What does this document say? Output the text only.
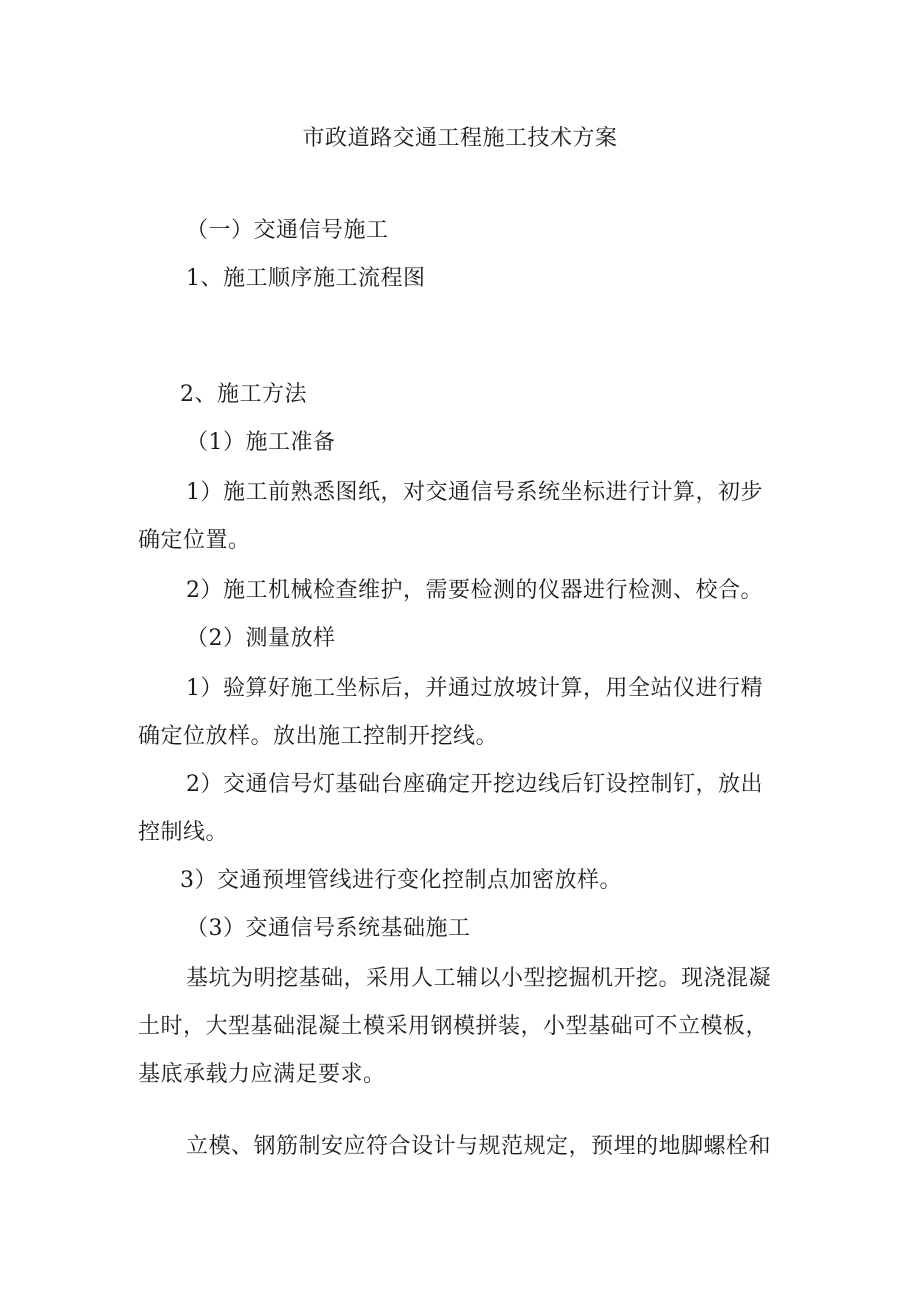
市政道路交通工程施工技术方案
（一）交通信号施工
1、施工顺序施工流程图
2、施工方法
（1）施工准备
1）施工前熟悉图纸，对交通信号系统坐标进行计算，初步
确定位置。
2）施工机械检查维护，需要检测的仪器进行检测、校合。
（2）测量放样
1）验算好施工坐标后，并通过放坡计算，用全站仪进行精
确定位放样。放出施工控制开挖线。
2）交通信号灯基础台座确定开挖边线后钉设控制钉，放出
控制线。
3）交通预埋管线进行变化控制点加密放样。
（3）交通信号系统基础施工
基坑为明挖基础，采用人工辅以小型挖掘机开挖。现浇混凝
土时，大型基础混凝土模采用钢模拼装，小型基础可不立模板，
基底承载力应满足要求。
立模、钢筋制安应符合设计与规范规定，预埋的地脚螺栓和
